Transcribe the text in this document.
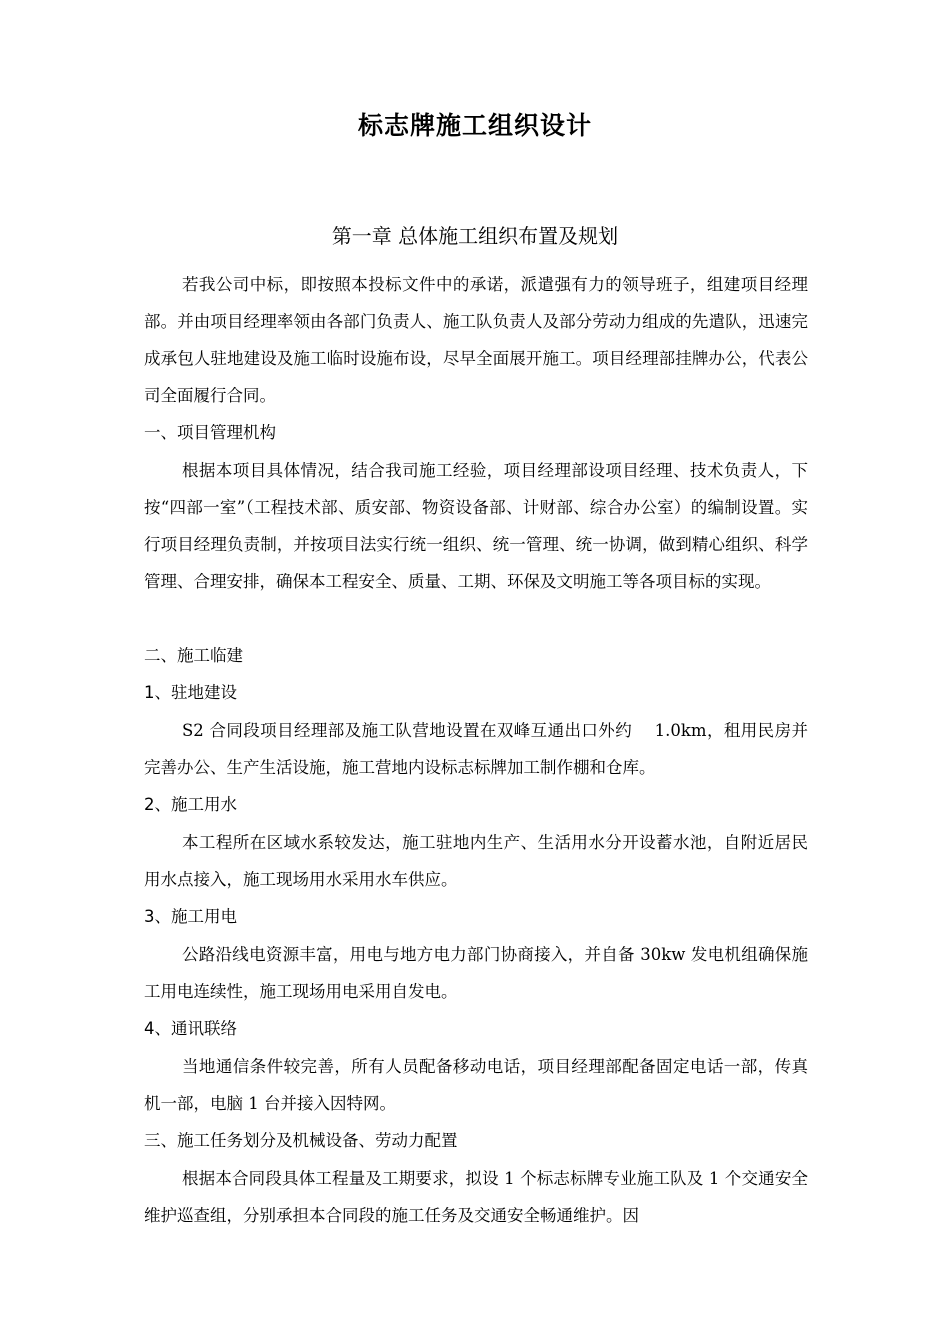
标志牌施工组织设计
第一章 总体施工组织布置及规划
若我公司中标，即按照本投标文件中的承诺，派遣强有力的领导班子，组建项目经理部。并由项目经理率领由各部门负责人、施工队负责人及部分劳动力组成的先遣队，迅速完成承包人驻地建设及施工临时设施布设，尽早全面展开施工。项目经理部挂牌办公，代表公司全面履行合同。
一、项目管理机构
根据本项目具体情况，结合我司施工经验，项目经理部设项目经理、技术负责人，下按“四部一室”（工程技术部、质安部、物资设备部、计财部、综合办公室）的编制设置。实行项目经理负责制，并按项目法实行统一组织、统一管理、统一协调，做到精心组织、科学管理、合理安排，确保本工程安全、质量、工期、环保及文明施工等各项目标的实现。
二、施工临建
1、驻地建设
S2 合同段项目经理部及施工队营地设置在双峰互通出口外约　 1.0km，租用民房并完善办公、生产生活设施，施工营地内设标志标牌加工制作棚和仓库。
2、施工用水
本工程所在区域水系较发达，施工驻地内生产、生活用水分开设蓄水池，自附近居民用水点接入，施工现场用水采用水车供应。
3、施工用电
公路沿线电资源丰富，用电与地方电力部门协商接入，并自备 30kw 发电机组确保施工用电连续性，施工现场用电采用自发电。
4、通讯联络
当地通信条件较完善，所有人员配备移动电话，项目经理部配备固定电话一部，传真机一部，电脑 1 台并接入因特网。
三、施工任务划分及机械设备、劳动力配置
根据本合同段具体工程量及工期要求，拟设 1 个标志标牌专业施工队及 1 个交通安全维护巡查组，分别承担本合同段的施工任务及交通安全畅通维护。因
